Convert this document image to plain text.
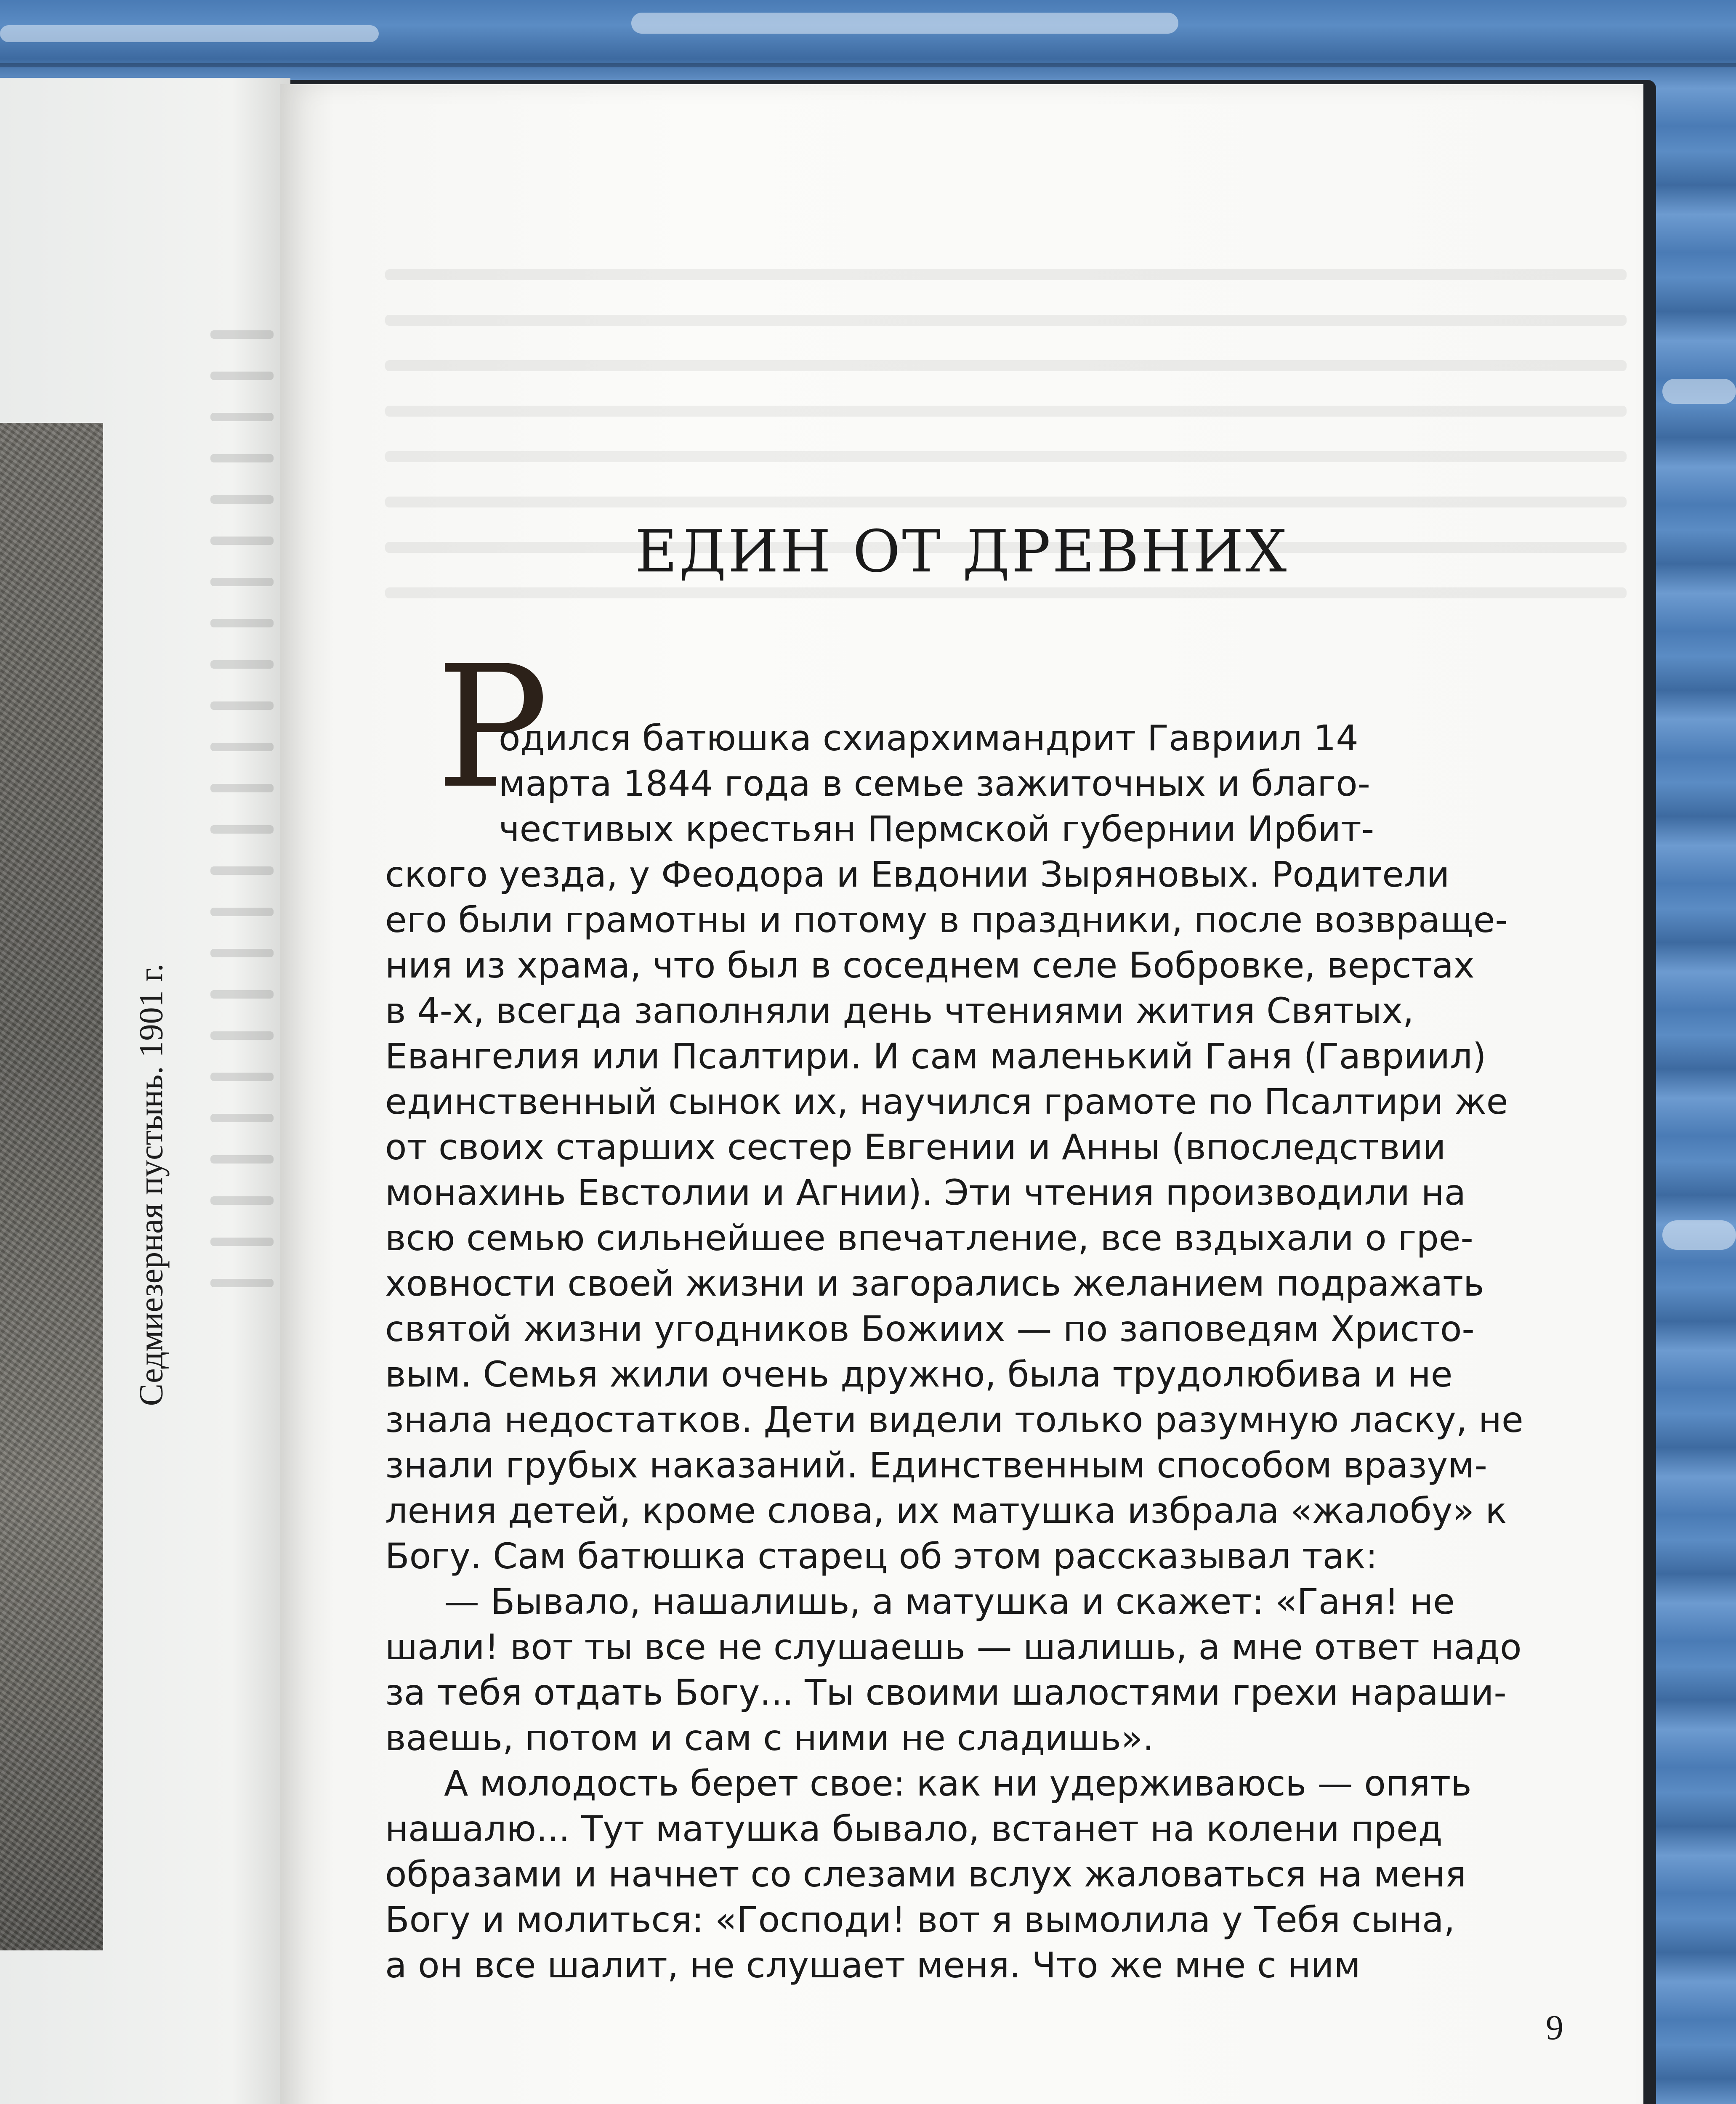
Седмиезерная пустынь. 1901 г.
ЕДИН ОТ ДРЕВНИХ
Р
одился батюшка схиархимандрит Гавриил 14
марта 1844 года в семье зажиточных и благо-
честивых крестьян Пермской губернии Ирбит-
ского уезда, у Феодора и Евдонии Зыряновых. Родители
его были грамотны и потому в праздники, после возвраще-
ния из храма, что был в соседнем селе Бобровке, верстах
в 4-х, всегда заполняли день чтениями жития Святых,
Евангелия или Псалтири. И сам маленький Ганя (Гавриил)
единственный сынок их, научился грамоте по Псалтири же
от своих старших сестер Евгении и Анны (впоследствии
монахинь Евстолии и Агнии). Эти чтения производили на
всю семью сильнейшее впечатление, все вздыхали о гре-
ховности своей жизни и загорались желанием подражать
святой жизни угодников Божиих — по заповедям Христо-
вым. Семья жили очень дружно, была трудолюбива и не
знала недостатков. Дети видели только разумную ласку, не
знали грубых наказаний. Единственным способом вразум-
ления детей, кроме слова, их матушка избрала «жалобу» к
Богу. Сам батюшка старец об этом рассказывал так:
— Бывало, нашалишь, а матушка и скажет: «Ганя! не
шали! вот ты все не слушаешь — шалишь, а мне ответ надо
за тебя отдать Богу... Ты своими шалостями грехи нараши-
ваешь, потом и сам с ними не сладишь».
А молодость берет свое: как ни удерживаюсь — опять
нашалю... Тут матушка бывало, встанет на колени пред
образами и начнет со слезами вслух жаловаться на меня
Богу и молиться: «Господи! вот я вымолила у Тебя сына,
а он все шалит, не слушает меня. Что же мне с ним
9
